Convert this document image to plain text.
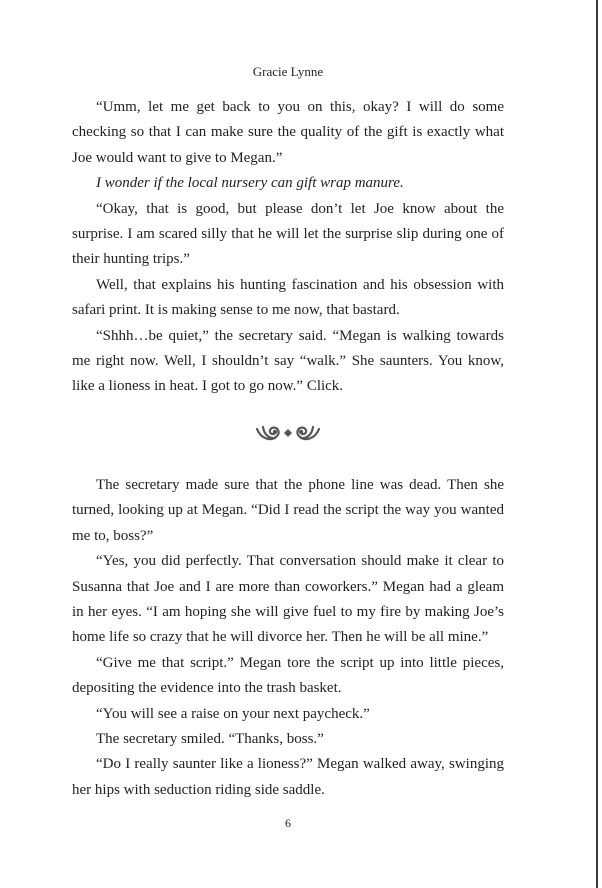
Gracie Lynne

“Umm, let me get back to you on this, okay? I will do some checking so that I can make sure the quality of the gift is exactly what Joe would want to give to Megan.”

I wonder if the local nursery can gift wrap manure.

“Okay, that is good, but please don’t let Joe know about the surprise. I am scared silly that he will let the surprise slip during one of their hunting trips.”

Well, that explains his hunting fascination and his obsession with safari print. It is making sense to me now, that bastard.

“Shhh…be quiet,” the secretary said. “Megan is walking towards me right now. Well, I shouldn’t say “walk.” She saunters. You know, like a lioness in heat. I got to go now.” Click.

The secretary made sure that the phone line was dead. Then she turned, looking up at Megan. “Did I read the script the way you wanted me to, boss?”

“Yes, you did perfectly. That conversation should make it clear to Susanna that Joe and I are more than coworkers.” Megan had a gleam in her eyes. “I am hoping she will give fuel to my fire by making Joe’s home life so crazy that he will divorce her. Then he will be all mine.”

“Give me that script.” Megan tore the script up into little pieces, depositing the evidence into the trash basket.

“You will see a raise on your next paycheck.”

The secretary smiled. “Thanks, boss.”

“Do I really saunter like a lioness?” Megan walked away, swinging her hips with seduction riding side saddle.

6
